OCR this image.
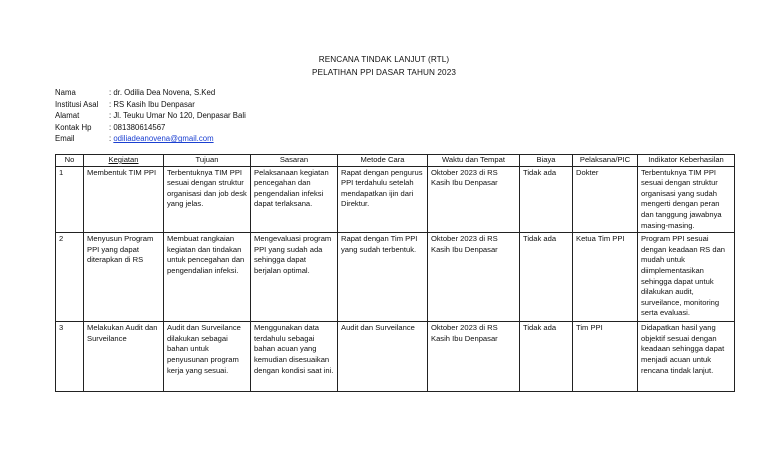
RENCANA TINDAK LANJUT (RTL)
PELATIHAN PPI DASAR TAHUN 2023
Nama	: dr. Odilia Dea Novena, S.Ked
Institusi Asal	: RS Kasih Ibu Denpasar
Alamat	: Jl. Teuku Umar No 120, Denpasar Bali
Kontak Hp	: 081380614567
Email	: odiliadeanovena@gmail.com
No	Kegiatan	Tujuan	Sasaran	Metode Cara	Waktu dan Tempat	Biaya	Pelaksana/PIC	Indikator Keberhasilan
1	Membentuk TIM PPI	Terbentuknya TIM PPI sesuai dengan struktur organisasi dan job desk yang jelas.	Pelaksanaan kegiatan pencegahan dan pengendalian infeksi dapat terlaksana.	Rapat dengan pengurus PPI terdahulu setelah mendapatkan ijin dari Direktur.	Oktober 2023 di RS Kasih Ibu Denpasar	Tidak ada	Dokter	Terbentuknya TIM PPI sesuai dengan struktur organisasi yang sudah mengerti dengan peran dan tanggung jawabnya masing-masing.
2	Menyusun Program PPI yang dapat diterapkan di RS	Membuat rangkaian kegiatan dan tindakan untuk pencegahan dan pengendalian infeksi.	Mengevaluasi program PPI yang sudah ada sehingga dapat berjalan optimal.	Rapat dengan Tim PPI yang sudah terbentuk.	Oktober 2023 di RS Kasih Ibu Denpasar	Tidak ada	Ketua Tim PPI	Program PPI sesuai dengan keadaan RS dan mudah untuk diimplementasikan sehingga dapat untuk dilakukan audit, surveilance, monitoring serta evaluasi.
3	Melakukan Audit dan Surveilance	Audit dan Surveilance dilakukan sebagai bahan untuk penyusunan program kerja yang sesuai.	Menggunakan data terdahulu sebagai bahan acuan yang kemudian disesuaikan dengan kondisi saat ini.	Audit dan Surveilance	Oktober 2023 di RS Kasih Ibu Denpasar	Tidak ada	Tim PPI	Didapatkan hasil yang objektif sesuai dengan keadaan sehingga dapat menjadi acuan untuk rencana tindak lanjut.
